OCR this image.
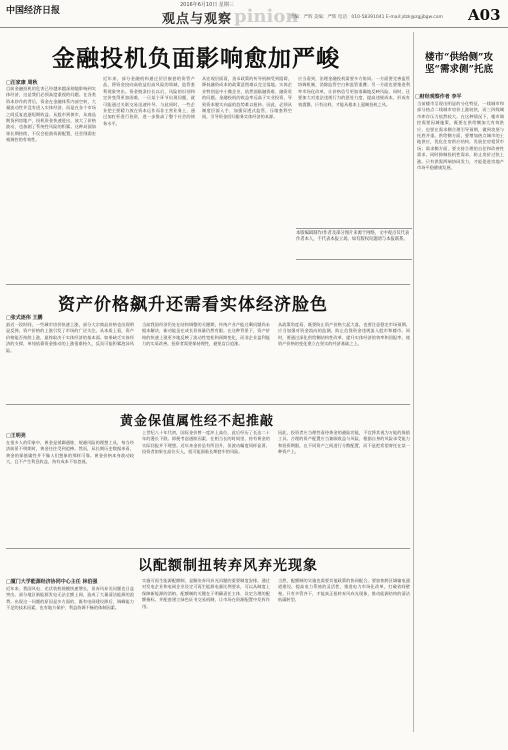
中国经济日报
2016年6月10日 星期三
观点与观察 pinion
责编：严辉 美编：严辉 电话：010-58391041 E-mail:jdzk@zgjjbgw.com A03
金融投机负面影响愈加严峻
□汪家康 周秋
目前金融投机的危害已经越来越深刻地影响到实体经济，这是我们必须高度重视的问题。在各类资本炒作的背后，资金在金融体系内部空转，大量流动性并没有进入实体经济，而是在各个市场之间反复追逐短期收益。从股市到债市，从商品期货到房地产，投机资金快速进出，放大了价格波动，也加剧了系统性风险的积累。这种局面如果长期持续，不仅会扭曲资源配置，还会削弱宏观调控的有效性。
近年来，部分金融机构通过层层嵌套的资管产品，将资金投向高收益但高风险的领域，监管套利现象突出。资金链条拉长以后，风险的识别和定价变得更加困难，一旦某个环节出现问题，就可能通过关联交易迅速传导。与此同时，一些企业把主要精力放在资本运作而非主营业务上，通过加杠杆进行投资，进一步推高了整个社会的债务水平。
从宏观层面看，货币政策的传导机制受到阻碍，降低融资成本的政策意图难以完全落地。实体企业特别是中小微企业，依然面临融资难、融资贵的问题。金融投机的收益率远高于实业投资，导致资本脱实向虚的趋势难以扭转。因此，必须从制度层面入手，加强穿透式监管，压缩套利空间，引导资金回归服务实体经济的本源。
应当看到，治理金融投机需要多方协同。一方面要完善监管协调机制，消除监管空白和监管重叠；另一方面也要推进利率市场化改革，让价格信号更加准确地反映风险。同时，还要加大对违法违规行为的惩处力度，提高违规成本，形成有效震慑。只有这样，才能从根本上遏制投机之风。
本版编辑制作/作者及部分图片来源于网络，文中观点仅代表作者本人，不代表本报立场。如有版权问题请与本报联系。
楼市“供给侧”攻坚“需求侧”托底
□财经观察作者 李平
当前楼市呈现出明显的分化特征，一线城市和部分热点二线城市房价上涨较快，而三四线城市库存压力依然较大。在这种情况下，楼市调控需要因城施策，既要在供给侧加大有效供应，也要在需求侧合理引导预期，做到攻坚与托底并重。供给侧方面，要增加热点城市的土地供应，优化住房供应结构，发展住房租赁市场；需求侧方面，要支持合理的自住和改善性需求，同时抑制投机性需求，防止房价过快上涨。只有供需两端协同发力，才能促进房地产市场平稳健康发展。
资产价格飙升还需看实体经济脸色
□张式逐伟 王鹏
最近一段时间，一些城市房价快速上涨，部分大宗商品价格也出现明显反弹，资产价格的上涨引发了市场的广泛关注。从本质上看，资产价格能否持续上涨，最终取决于实体经济的基本面。如果缺乏实体经济的支撑，单纯依靠资金推动的上涨很难持久，反而可能积累泡沫风险。
当前我国经济仍处在结构调整的关键期，传统产业产能过剩问题尚未根本解决，新动能虽在成长但体量仍然有限。在这种背景下，资产价格的快速上涨更多地反映了流动性宽松和预期变化，而非企业盈利能力的实质改善。投资者需要保持理性，避免盲目追涨。
从政策角度看，既要防止资产价格大起大落，也要注意稳定市场预期。应当加强对资金流向的监测，防止信贷资金违规流入股市和楼市。同时，要通过深化供给侧结构性改革，提升实体经济的效率和回报率，使资产价格的变化建立在坚实的经济基础之上。
黄金保值属性经不起推敲
□王明亮
在很多人的印象中，黄金是抵御通胀、规避风险的理想工具，每当经济前景不明朗时，黄金往往受到追捧。然而，从长期历史数据来看，黄金的保值属性并不像人们想象的那样可靠。黄金价格本身波动较大，且不产生利息收益，持有成本不容忽视。
上世纪八十年代初，国际金价曾一度冲上高位，此后经历了长达二十年的漫长下跌。即便考虑通胀因素，在相当长的时间里，持有黄金的实际回报并不理想。近年来金价虽有所回升，但波动幅度同样显著。投资者如果在高位买入，很可能面临长期套牢的风险。
因此，投资者应当理性看待黄金的避险功能，不宜将其视为万能的保值工具。合理的资产配置应当兼顾收益与风险，根据自身的风险承受能力和投资期限，在不同资产之间进行分散配置，而不是把希望寄托在某一种资产上。
以配额制扭转弃风弃光现象
□厦门大学能源经济协同中心主任 林伯强
近年来，我国风电、光伏装机规模快速增长，但弃风弃光问题也日益突出。部分地区新能源发电无法全额上网，造成了大量清洁能源的浪费。出现这一问题的原因是多方面的，既有电网建设滞后、调峰能力不足的技术因素，也有地方保护、利益协调不畅的体制因素。
实施可再生能源配额制，是解决弃风弃光问题的重要制度安排。通过对发电企业和电网企业设定可再生能源电量比例要求，可以从制度上保障新能源的消纳。配额制的关键在于明确责任主体、设定合理的配额指标，并配套建立绿色证书交易机制，让市场在资源配置中发挥作用。
当然，配额制的实施也需要其他政策的协同配合。要加快跨区域输电通道建设，提高电力系统的灵活性，推进电力市场化改革，打破省间壁垒。只有多管齐下，才能真正扭转弃风弃光现象，推动能源结构的清洁低碳转型。
